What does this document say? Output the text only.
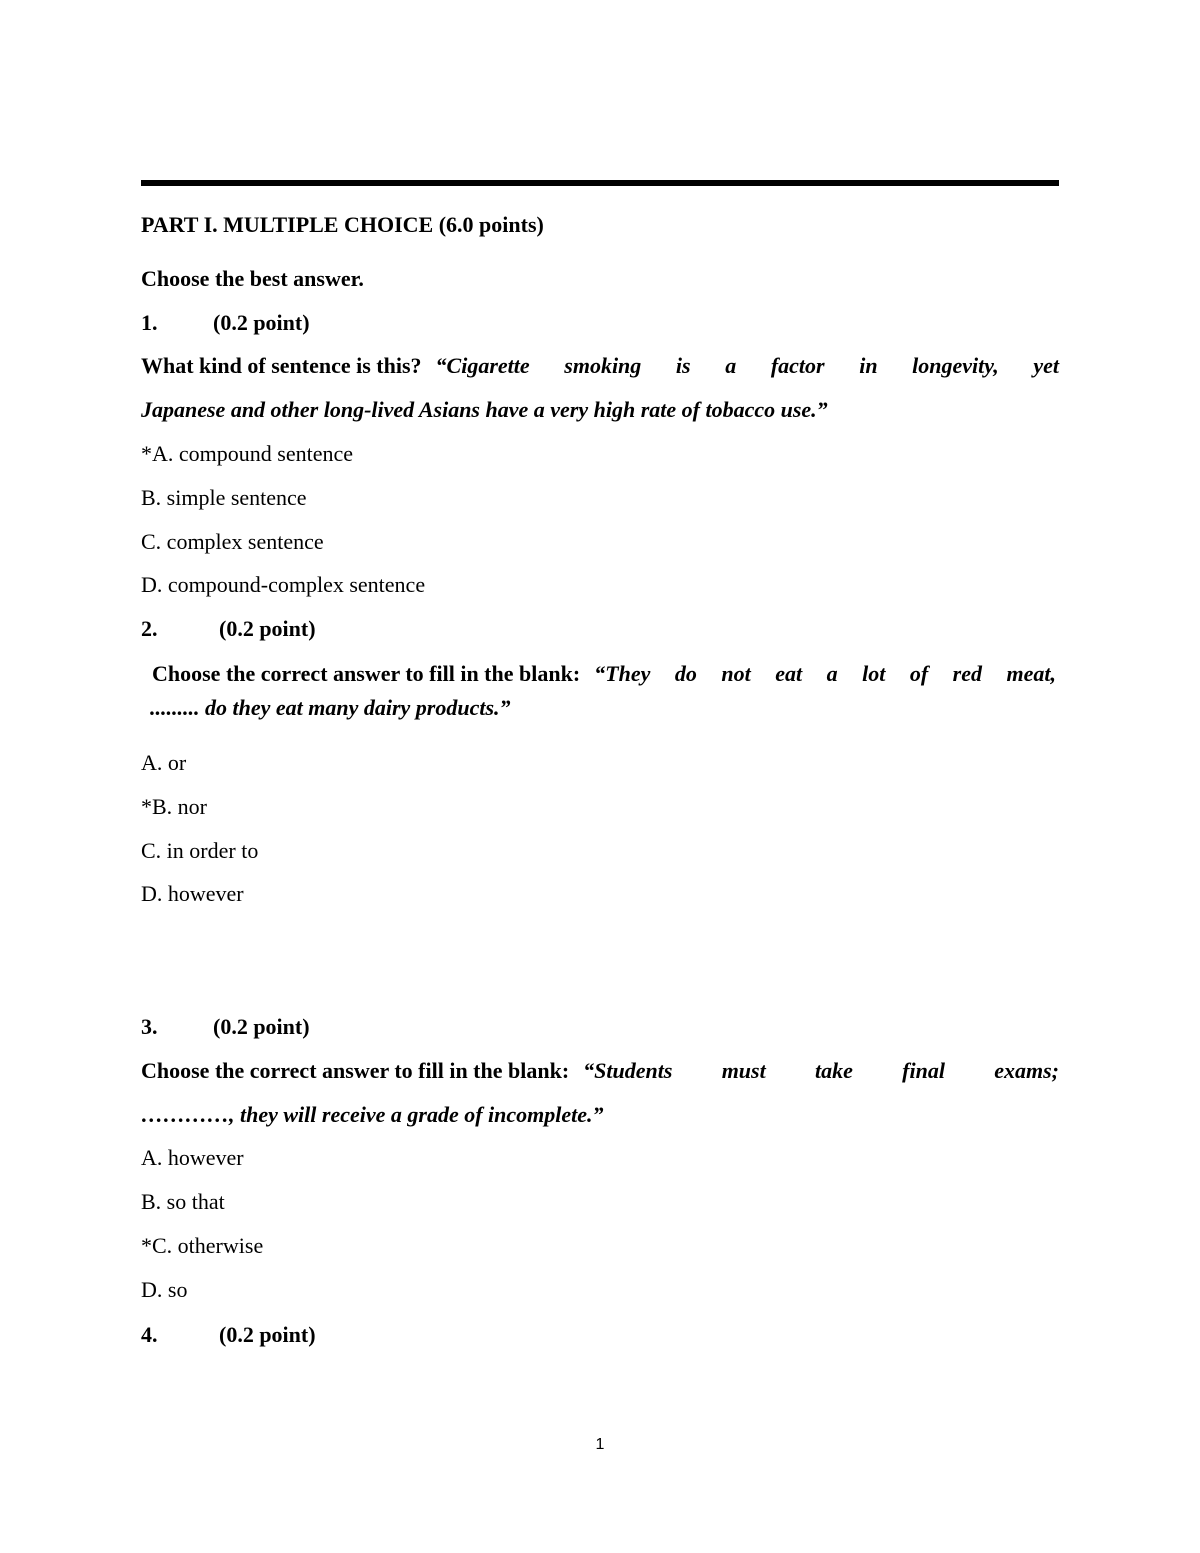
PART I. MULTIPLE CHOICE (6.0 points)
Choose the best answer.
1.	(0.2 point)
What kind of sentence is this? “Cigarette smoking is a factor in longevity, yet
Japanese and other long-lived Asians have a very high rate of tobacco use.”
*A. compound sentence
B. simple sentence
C. complex sentence
D. compound-complex sentence
2.	(0.2 point)
Choose the correct answer to fill in the blank: “They do not eat a lot of red meat,
......... do they eat many dairy products.”
A. or
*B. nor
C. in order to
D. however
3.	(0.2 point)
Choose the correct answer to fill in the blank: “Students must take final exams;
…………, they will receive a grade of incomplete.”
A. however
B. so that
*C. otherwise
D. so
4.	(0.2 point)
1
